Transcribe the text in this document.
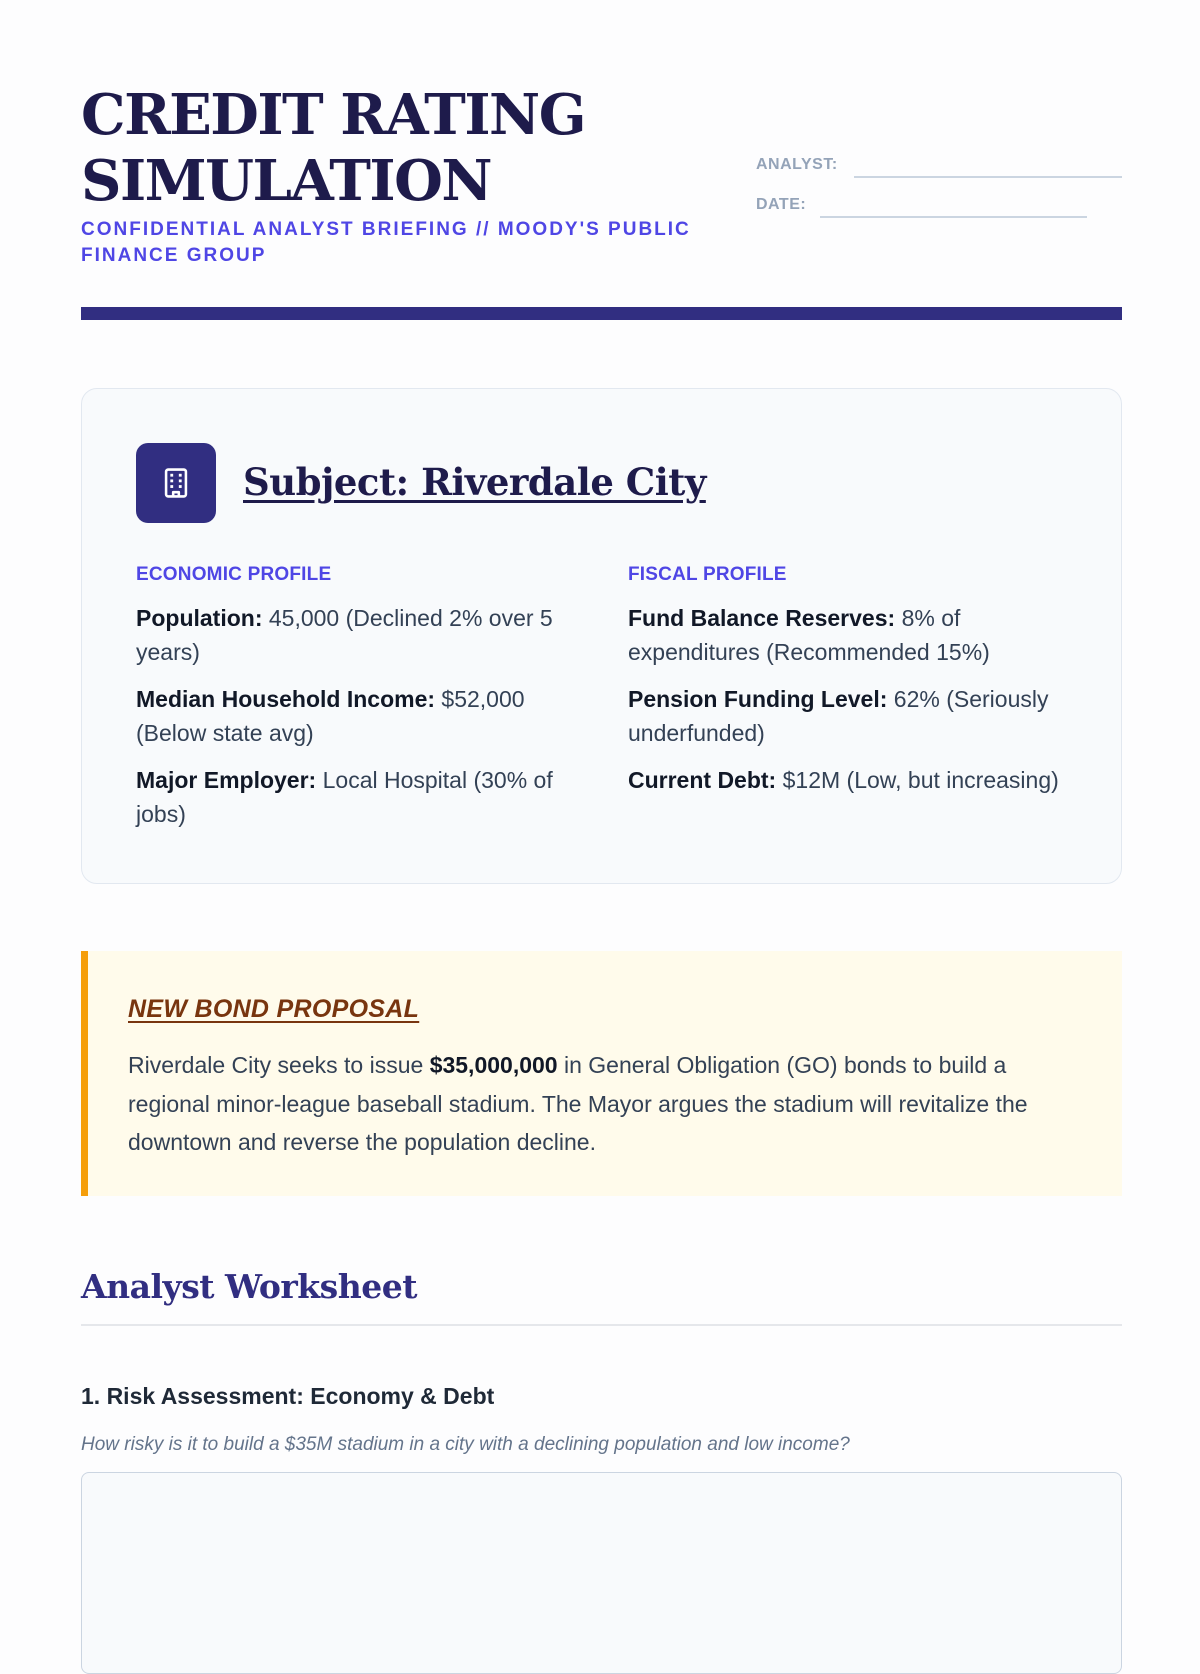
CREDIT RATING
SIMULATION

CONFIDENTIAL ANALYST BRIEFING // MOODY'S PUBLIC FINANCE GROUP

ANALYST:
DATE:
Subject: Riverdale City

ECONOMIC PROFILE

Population: 45,000 (Declined 2% over 5 years)

Median Household Income: $52,000 (Below state avg)

Major Employer: Local Hospital (30% of jobs)

FISCAL PROFILE

Fund Balance Reserves: 8% of expenditures (Recommended 15%)

Pension Funding Level: 62% (Seriously underfunded)

Current Debt: $12M (Low, but increasing)

NEW BOND PROPOSAL

Riverdale City seeks to issue $35,000,000 in General Obligation (GO) bonds to build a regional minor-league baseball stadium. The Mayor argues the stadium will revitalize the downtown and reverse the population decline.

Analyst Worksheet

1. Risk Assessment: Economy & Debt

How risky is it to build a $35M stadium in a city with a declining population and low income?
